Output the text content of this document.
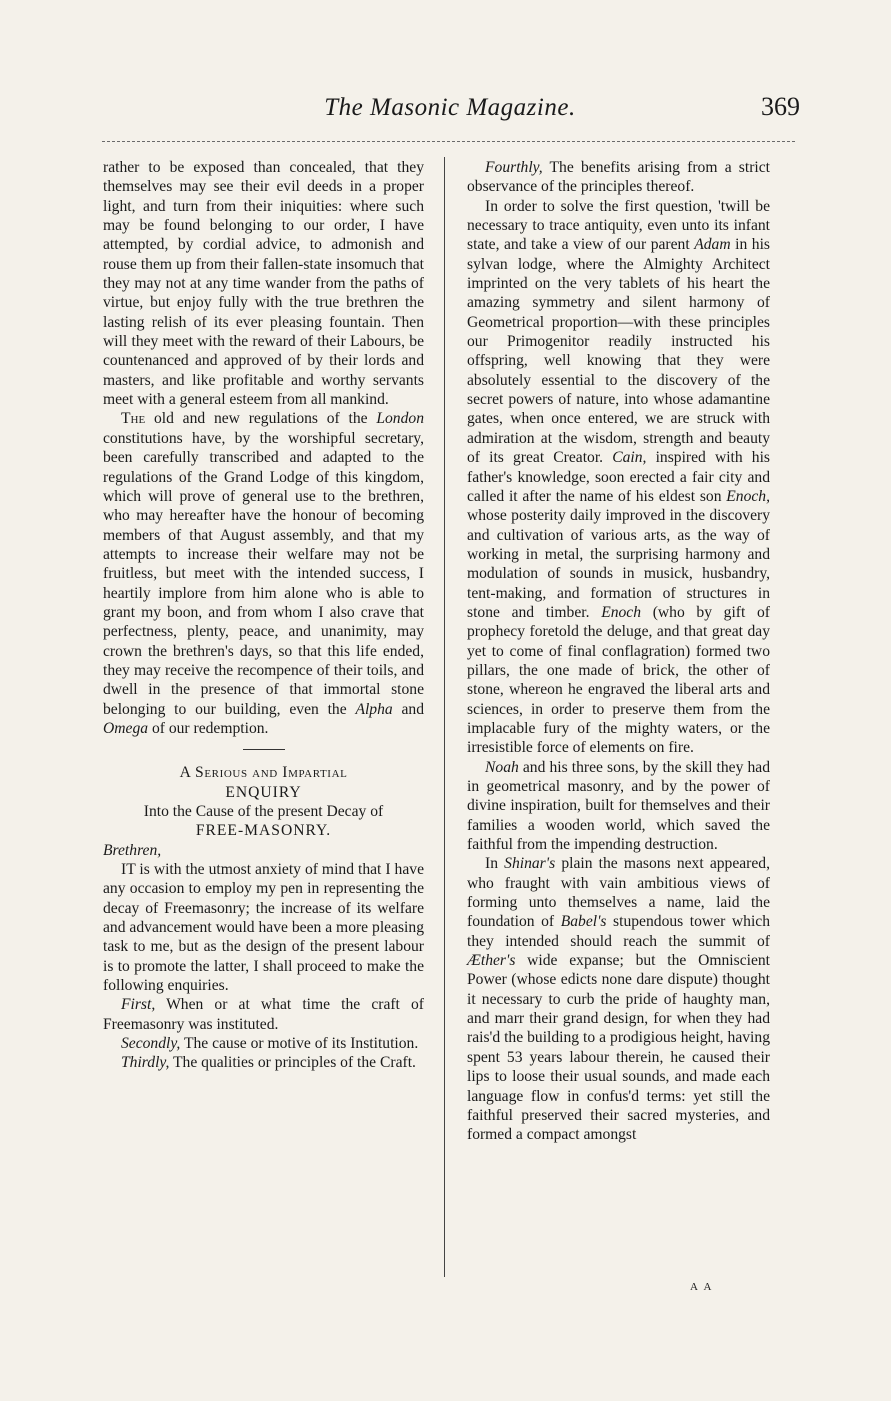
The Masonic Magazine.	369

rather to be exposed than concealed, that they themselves may see their evil deeds in a proper light, and turn from their iniquities: where such may be found belonging to our order, I have attempted, by cordial advice, to admonish and rouse them up from their fallen-state insomuch that they may not at any time wander from the paths of virtue, but enjoy fully with the true brethren the lasting relish of its ever pleasing fountain. Then will they meet with the reward of their Labours, be countenanced and approved of by their lords and masters, and like profitable and worthy servants meet with a general esteem from all mankind.

The old and new regulations of the London constitutions have, by the worshipful secretary, been carefully transcribed and adapted to the regulations of the Grand Lodge of this kingdom, which will prove of general use to the brethren, who may hereafter have the honour of becoming members of that August assembly, and that my attempts to increase their welfare may not be fruitless, but meet with the intended success, I heartily implore from him alone who is able to grant my boon, and from whom I also crave that perfectness, plenty, peace, and unanimity, may crown the brethren's days, so that this life ended, they may receive the recompence of their toils, and dwell in the presence of that immortal stone belonging to our building, even the Alpha and Omega of our redemption.

A Serious and Impartial

ENQUIRY

Into the Cause of the present Decay of

FREE-MASONRY.

Brethren,

IT is with the utmost anxiety of mind that I have any occasion to employ my pen in representing the decay of Freemasonry; the increase of its welfare and advancement would have been a more pleasing task to me, but as the design of the present labour is to promote the latter, I shall proceed to make the following enquiries.

First, When or at what time the craft of Freemasonry was instituted.

Secondly, The cause or motive of its Institution.

Thirdly, The qualities or principles of the Craft.

Fourthly, The benefits arising from a strict observance of the principles thereof.

In order to solve the first question, 'twill be necessary to trace antiquity, even unto its infant state, and take a view of our parent Adam in his sylvan lodge, where the Almighty Architect imprinted on the very tablets of his heart the amazing symmetry and silent harmony of Geometrical proportion—with these principles our Primogenitor readily instructed his offspring, well knowing that they were absolutely essential to the discovery of the secret powers of nature, into whose adamantine gates, when once entered, we are struck with admiration at the wisdom, strength and beauty of its great Creator. Cain, inspired with his father's knowledge, soon erected a fair city and called it after the name of his eldest son Enoch, whose posterity daily improved in the discovery and cultivation of various arts, as the way of working in metal, the surprising harmony and modulation of sounds in musick, husbandry, tent-making, and formation of structures in stone and timber. Enoch (who by gift of prophecy foretold the deluge, and that great day yet to come of final conflagration) formed two pillars, the one made of brick, the other of stone, whereon he engraved the liberal arts and sciences, in order to preserve them from the implacable fury of the mighty waters, or the irresistible force of elements on fire.

Noah and his three sons, by the skill they had in geometrical masonry, and by the power of divine inspiration, built for themselves and their families a wooden world, which saved the faithful from the impending destruction.

In Shinar's plain the masons next appeared, who fraught with vain ambitious views of forming unto themselves a name, laid the foundation of Babel's stupendous tower which they intended should reach the summit of Æther's wide expanse; but the Omniscient Power (whose edicts none dare dispute) thought it necessary to curb the pride of haughty man, and marr their grand design, for when they had rais'd the building to a prodigious height, having spent 53 years labour therein, he caused their lips to loose their usual sounds, and made each language flow in confus'd terms: yet still the faithful preserved their sacred mysteries, and formed a compact amongst

A A
